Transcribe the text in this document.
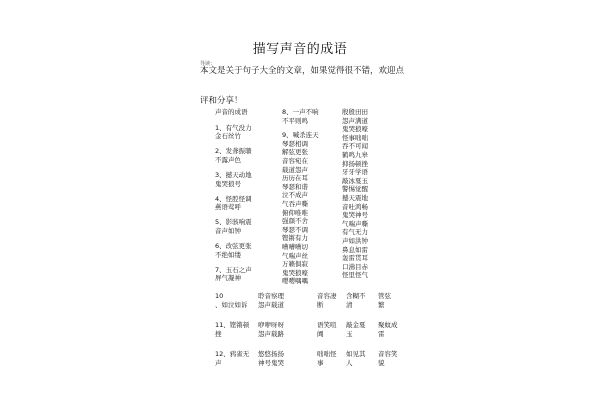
描写声音的成语
导读：
本文是关于句子大全的文章，如果觉得很不错，欢迎点
评和分享！
声音的成语
1、有气没力
金石丝竹
2、发聋振聩
不露声色
3、撼天动地
鬼哭狼号
4、怪腔怪调
燕语莺呼
5、影骇响震
音声如钟
6、改弦更张
不绝如缕
7、玉石之声
屏气凝神
8、一声不响
不平则鸣
9、喊杀连天
琴瑟相调
解弦更张
音容宛在
载道怨声
历历在耳
琴瑟和谐
泣不成声
气吞声嘶
俯仰唯唯
强颜不舍
琴瑟不调
铿锵有力
嘈嘈嘈切
气喘声丝
万籁俱寂
鬼哭狼嚎
嘤嘤喁喁
殷殷田田
怨声满道
鬼哭狼嚎
怪事咄咄
吞不可闻
鹤鸣九皋
抑扬顿挫
牙牙学语
敲冰戛玉
警惕觉醒
撼天震地
音吐鸿畅
鬼哭神号
气喘声嘶
有气无力
声如洪钟
鼻息如雷
轰雷贯耳
口沸目赤
怪里怪气
10
、如泣如诉
聆音察理
怨声载道
音容凄
断
含糊不
清
管弦
繁
11、铿锵顿
挫
咿咿呀呀
怨声载路
语笑喧
阗
敲金戛
玉
聚蚊成
雷
12、鸦雀无
声
悠悠扬扬
神号鬼哭
咄咄怪
事
如见其
人
音容笑
貌
